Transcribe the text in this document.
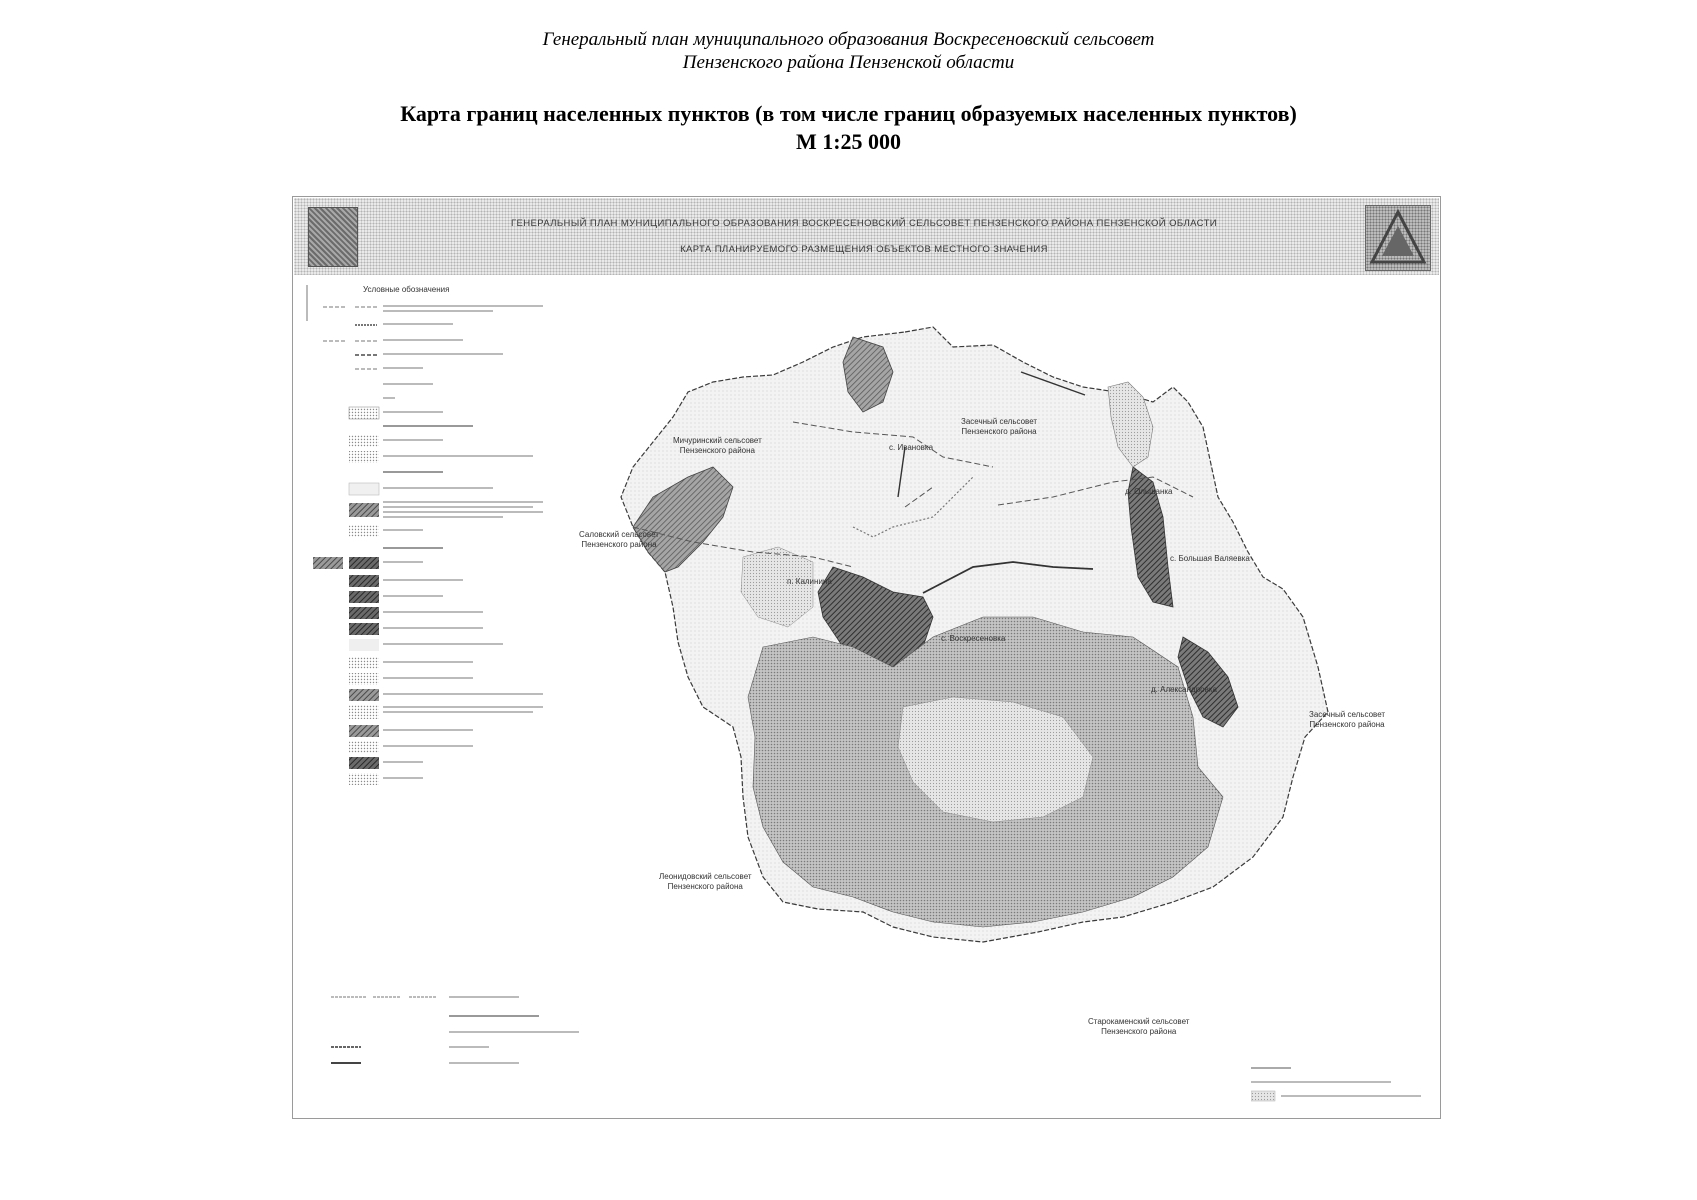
Генеральный план муниципального образования Воскресеновский сельсовет
Пензенского района Пензенской области
Карта границ населенных пунктов (в том числе границ образуемых населенных пунктов)
М 1:25 000
ГЕНЕРАЛЬНЫЙ ПЛАН МУНИЦИПАЛЬНОГО ОБРАЗОВАНИЯ ВОСКРЕСЕНОВСКИЙ СЕЛЬСОВЕТ ПЕНЗЕНСКОГО РАЙОНА ПЕНЗЕНСКОЙ ОБЛАСТИ
КАРТА ПЛАНИРУЕМОГО РАЗМЕЩЕНИЯ ОБЪЕКТОВ МЕСТНОГО ЗНАЧЕНИЯ
Условные обозначения
Мичуринский сельсовет
Пензенского района
Засечный сельсовет
Пензенского района
Саловский сельсовет
Пензенского района
Засечный сельсовет
Пензенского района
Леонидовский сельсовет
Пензенского района
Старокаменский сельсовет
Пензенского района
с. Ивановка
д. Ольшанка
с. Большая Валяевка
п. Калинина
с. Воскресеновка
д. Александровка
